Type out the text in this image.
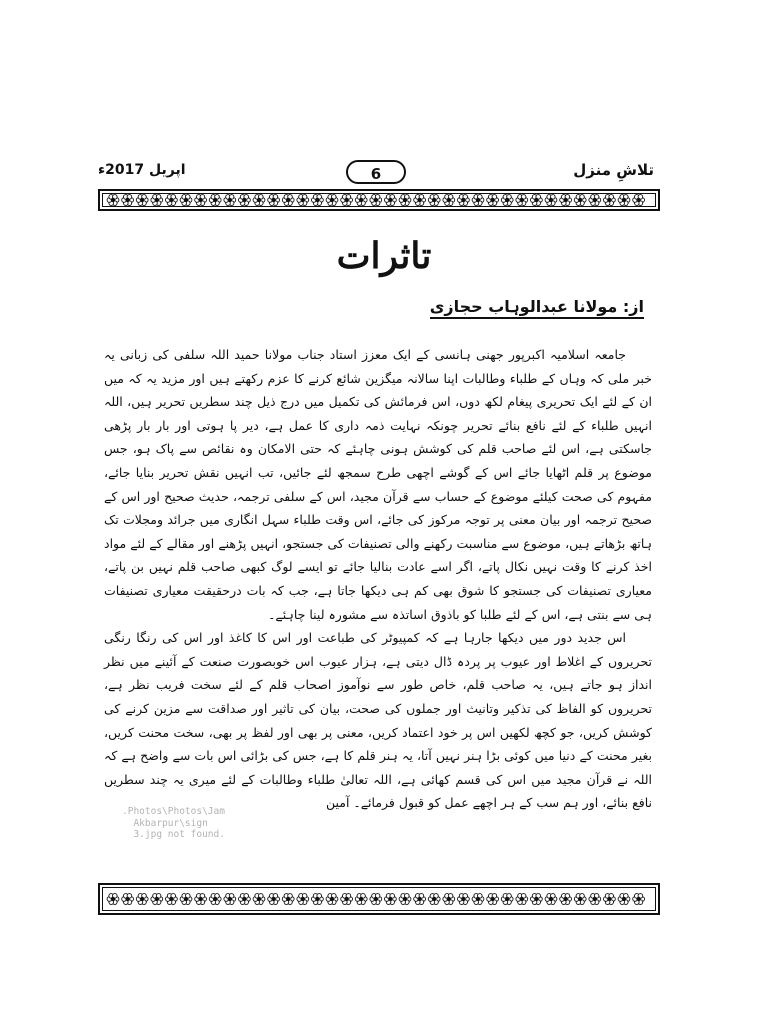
اپریل 2017ء	6	تلاشِ منزل
تاثرات
از: مولانا عبدالوہاب حجازی

جامعہ اسلامیہ اکبرپور جھنی ہانسی کے ایک معزز استاد جناب مولانا حمید اللہ سلفی کی زبانی یہ خبر ملی کہ وہاں کے طلباء وطالبات اپنا سالانہ میگزین شائع کرنے کا عزم رکھتے ہیں اور مزید یہ کہ میں ان کے لئے ایک تحریری پیغام لکھ دوں، اس فرمائش کی تکمیل میں درج ذیل چند سطریں تحریر ہیں، اللہ انہیں طلباء کے لئے نافع بنائے تحریر چونکہ نہایت ذمہ داری کا عمل ہے، دیر پا ہوتی اور بار بار پڑھی جاسکتی ہے، اس لئے صاحب قلم کی کوشش ہونی چاہئے کہ حتی الامکان وہ نقائص سے پاک ہو، جس موضوع پر قلم اٹھایا جائے اس کے گوشے اچھی طرح سمجھ لئے جائیں، تب انہیں نقش تحریر بنایا جائے، مفہوم کی صحت کیلئے موضوع کے حساب سے قرآن مجید، اس کے سلفی ترجمہ، حدیث صحیح اور اس کے صحیح ترجمہ اور بیان معنی پر توجہ مرکوز کی جائے، اس وقت طلباء سہل انگاری میں جرائد ومجلات تک ہاتھ بڑھاتے ہیں، موضوع سے مناسبت رکھنے والی تصنیفات کی جستجو، انہیں پڑھنے اور مقالے کے لئے مواد اخذ کرنے کا وقت نہیں نکال پاتے، اگر اسے عادت بنالیا جائے تو ایسے لوگ کبھی صاحب قلم نہیں بن پاتے، معیاری تصنیفات کی جستجو کا شوق بھی کم ہی دیکھا جاتا ہے، جب کہ بات درحقیقت معیاری تصنیفات ہی سے بنتی ہے، اس کے لئے طلبا کو باذوق اساتذہ سے مشورہ لینا چاہئے۔

اس جدید دور میں دیکھا جارہا ہے کہ کمپیوٹر کی طباعت اور اس کا کاغذ اور اس کی رنگا رنگی تحریروں کے اغلاط اور عیوب پر پردہ ڈال دیتی ہے، ہزار عیوب اس خوبصورت صنعت کے آئینے میں نظر انداز ہو جاتے ہیں، یہ صاحب قلم، خاص طور سے نوآموز اصحاب قلم کے لئے سخت فریب نظر ہے، تحریروں کو الفاظ کی تذکیر وتانیث اور جملوں کی صحت، بیان کی تاثیر اور صداقت سے مزین کرنے کی کوشش کریں، جو کچھ لکھیں اس پر خود اعتماد کریں، معنی پر بھی اور لفظ پر بھی، سخت محنت کریں، بغیر محنت کے دنیا میں کوئی بڑا ہنر نہیں آتا، یہ ہنر قلم کا ہے، جس کی بڑائی اس بات سے واضح ہے کہ اللہ نے قرآن مجید میں اس کی قسم کھائی ہے، اللہ تعالیٰ طلباء وطالبات کے لئے میری یہ چند سطریں نافع بنائے، اور ہم سب کے ہر اچھے عمل کو قبول فرمائے۔ آمین

.Photos\Photos\Jam
Akbarpur\sign
3.jpg not found.
